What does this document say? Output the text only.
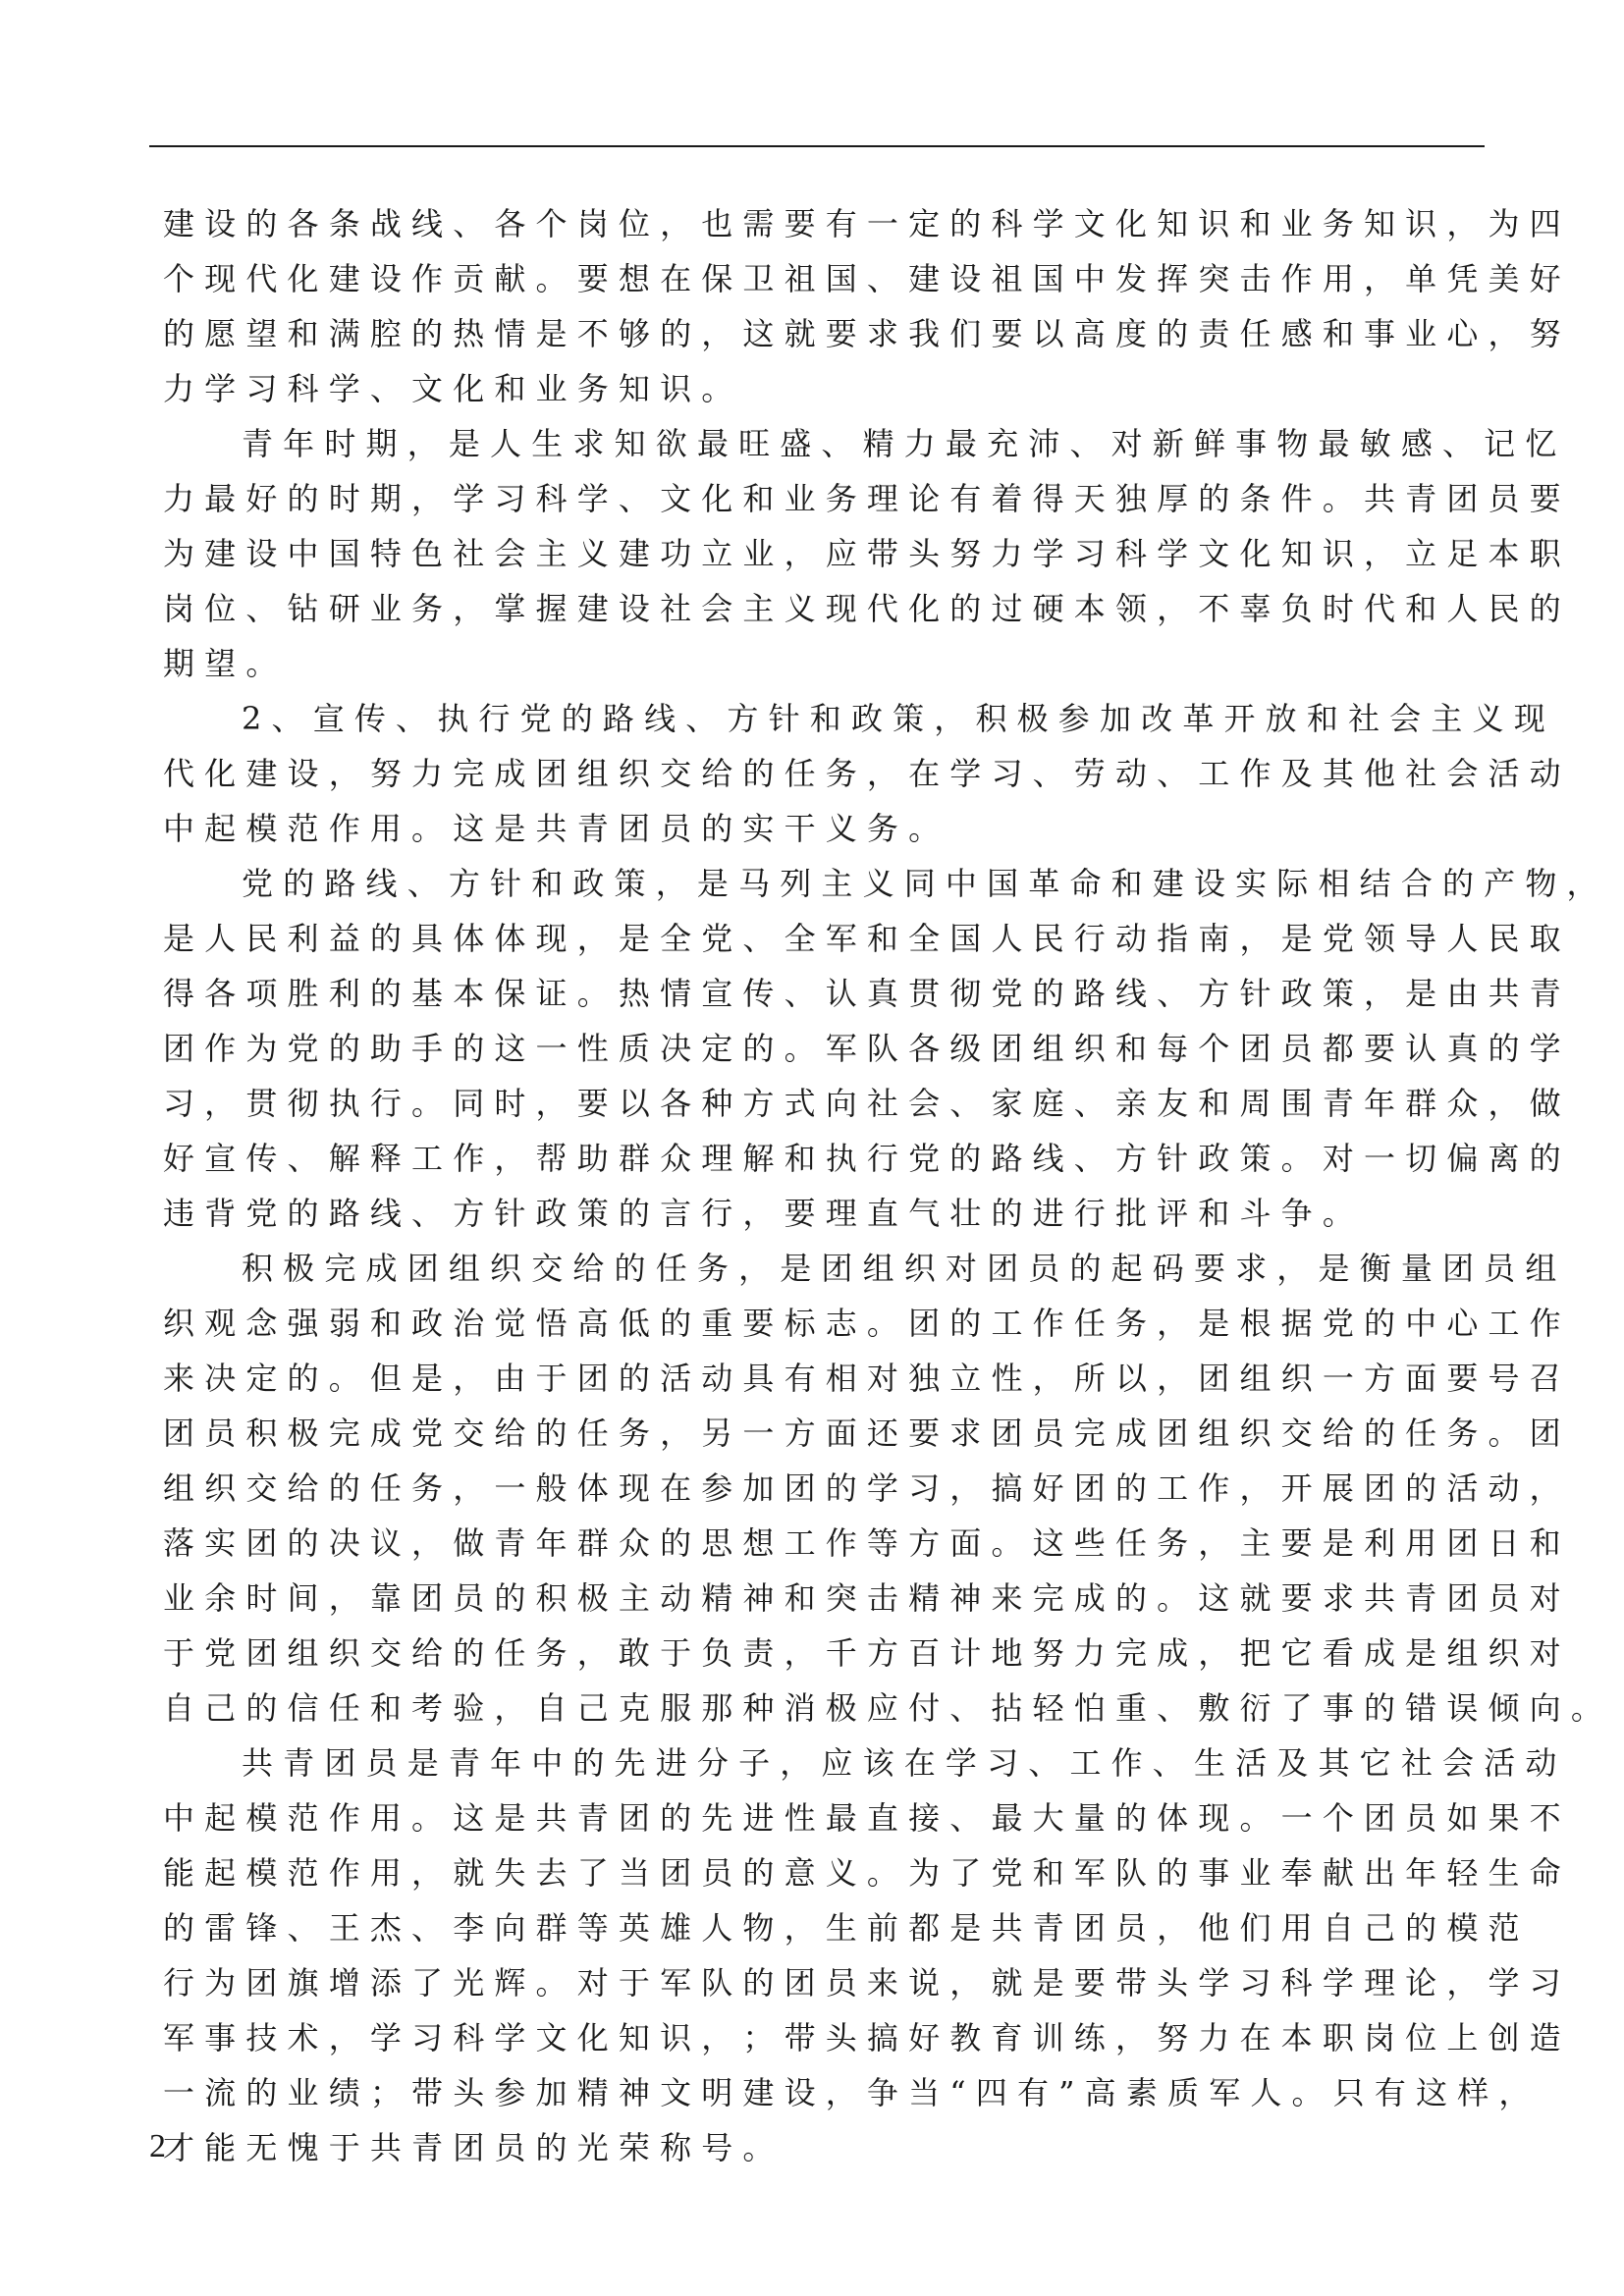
建 设 的 各 条 战 线 、 各 个 岗 位 ， 也 需 要 有 一 定 的 科 学 文 化 知 识 和 业 务 知 识 ， 为 四
个 现 代 化 建 设 作 贡 献 。 要 想 在 保 卫 祖 国 、 建 设 祖 国 中 发 挥 突 击 作 用 ， 单 凭 美 好
的 愿 望 和 满 腔 的 热 情 是 不 够 的 ， 这 就 要 求 我 们 要 以 高 度 的 责 任 感 和 事 业 心 ， 努
力 学 习 科 学 、 文 化 和 业 务 知 识 。
青 年 时 期 ， 是 人 生 求 知 欲 最 旺 盛 、 精 力 最 充 沛 、 对 新 鲜 事 物 最 敏 感 、 记 忆
力 最 好 的 时 期 ， 学 习 科 学 、 文 化 和 业 务 理 论 有 着 得 天 独 厚 的 条 件 。 共 青 团 员 要
为 建 设 中 国 特 色 社 会 主 义 建 功 立 业 ， 应 带 头 努 力 学 习 科 学 文 化 知 识 ， 立 足 本 职
岗 位 、 钻 研 业 务 ， 掌 握 建 设 社 会 主 义 现 代 化 的 过 硬 本 领 ， 不 辜 负 时 代 和 人 民 的
期 望 。
2 、 宣 传 、 执 行 党 的 路 线 、 方 针 和 政 策 ， 积 极 参 加 改 革 开 放 和 社 会 主 义 现
代 化 建 设 ， 努 力 完 成 团 组 织 交 给 的 任 务 ， 在 学 习 、 劳 动 、 工 作 及 其 他 社 会 活 动
中 起 模 范 作 用 。 这 是 共 青 团 员 的 实 干 义 务 。
党 的 路 线 、 方 针 和 政 策 ， 是 马 列 主 义 同 中 国 革 命 和 建 设 实 际 相 结 合 的 产 物 ，
是 人 民 利 益 的 具 体 体 现 ， 是 全 党 、 全 军 和 全 国 人 民 行 动 指 南 ， 是 党 领 导 人 民 取
得 各 项 胜 利 的 基 本 保 证 。 热 情 宣 传 、 认 真 贯 彻 党 的 路 线 、 方 针 政 策 ， 是 由 共 青
团 作 为 党 的 助 手 的 这 一 性 质 决 定 的 。 军 队 各 级 团 组 织 和 每 个 团 员 都 要 认 真 的 学
习 ， 贯 彻 执 行 。 同 时 ， 要 以 各 种 方 式 向 社 会 、 家 庭 、 亲 友 和 周 围 青 年 群 众 ， 做
好 宣 传 、 解 释 工 作 ， 帮 助 群 众 理 解 和 执 行 党 的 路 线 、 方 针 政 策 。 对 一 切 偏 离 的
违 背 党 的 路 线 、 方 针 政 策 的 言 行 ， 要 理 直 气 壮 的 进 行 批 评 和 斗 争 。
积 极 完 成 团 组 织 交 给 的 任 务 ， 是 团 组 织 对 团 员 的 起 码 要 求 ， 是 衡 量 团 员 组
织 观 念 强 弱 和 政 治 觉 悟 高 低 的 重 要 标 志 。 团 的 工 作 任 务 ， 是 根 据 党 的 中 心 工 作
来 决 定 的 。 但 是 ， 由 于 团 的 活 动 具 有 相 对 独 立 性 ， 所 以 ， 团 组 织 一 方 面 要 号 召
团 员 积 极 完 成 党 交 给 的 任 务 ， 另 一 方 面 还 要 求 团 员 完 成 团 组 织 交 给 的 任 务 。 团
组 织 交 给 的 任 务 ， 一 般 体 现 在 参 加 团 的 学 习 ， 搞 好 团 的 工 作 ， 开 展 团 的 活 动 ，
落 实 团 的 决 议 ， 做 青 年 群 众 的 思 想 工 作 等 方 面 。 这 些 任 务 ， 主 要 是 利 用 团 日 和
业 余 时 间 ， 靠 团 员 的 积 极 主 动 精 神 和 突 击 精 神 来 完 成 的 。 这 就 要 求 共 青 团 员 对
于 党 团 组 织 交 给 的 任 务 ， 敢 于 负 责 ， 千 方 百 计 地 努 力 完 成 ， 把 它 看 成 是 组 织 对
自 己 的 信 任 和 考 验 ， 自 己 克 服 那 种 消 极 应 付 、 拈 轻 怕 重 、 敷 衍 了 事 的 错 误 倾 向 。
共 青 团 员 是 青 年 中 的 先 进 分 子 ， 应 该 在 学 习 、 工 作 、 生 活 及 其 它 社 会 活 动
中 起 模 范 作 用 。 这 是 共 青 团 的 先 进 性 最 直 接 、 最 大 量 的 体 现 。 一 个 团 员 如 果 不
能 起 模 范 作 用 ， 就 失 去 了 当 团 员 的 意 义 。 为 了 党 和 军 队 的 事 业 奉 献 出 年 轻 生 命
的 雷 锋 、 王 杰 、 李 向 群 等 英 雄 人 物 ， 生 前 都 是 共 青 团 员 ， 他 们 用 自 己 的 模 范
行 为 团 旗 增 添 了 光 辉 。 对 于 军 队 的 团 员 来 说 ， 就 是 要 带 头 学 习 科 学 理 论 ， 学 习
军 事 技 术 ， 学 习 科 学 文 化 知 识 ， ； 带 头 搞 好 教 育 训 练 ， 努 力 在 本 职 岗 位 上 创 造
一 流 的 业 绩 ； 带 头 参 加 精 神 文 明 建 设 ， 争 当 “ 四 有 ” 高 素 质 军 人 。 只 有 这 样 ，
才 能 无 愧 于 共 青 团 员 的 光 荣 称 号 。
2
